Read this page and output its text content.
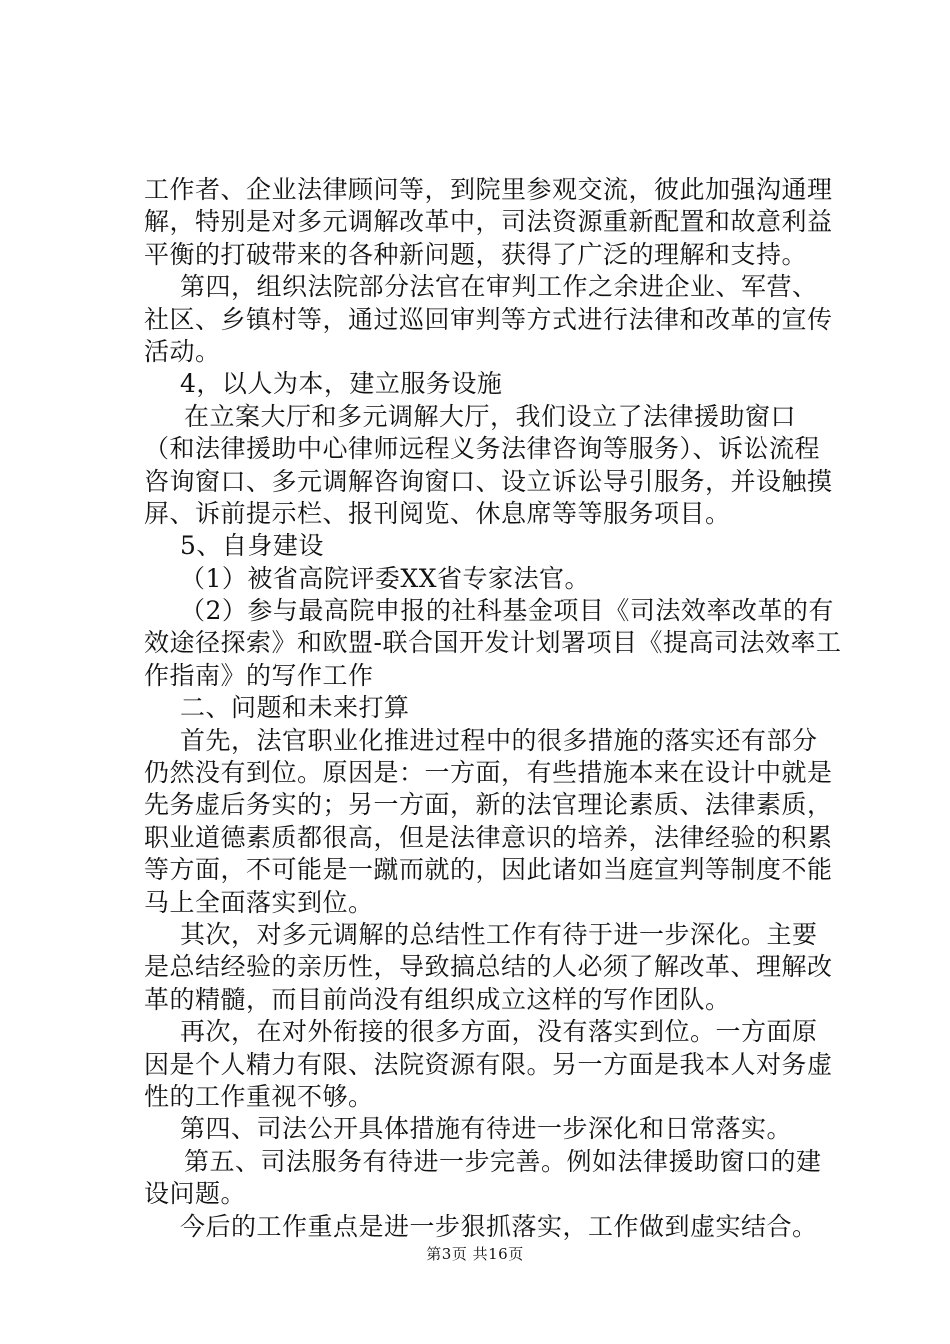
工作者、企业法律顾问等，到院里参观交流，彼此加强沟通理
解，特别是对多元调解改革中，司法资源重新配置和故意利益
平衡的打破带来的各种新问题，获得了广泛的理解和支持。
第四，组织法院部分法官在审判工作之余进企业、军营、
社区、乡镇村等，通过巡回审判等方式进行法律和改革的宣传
活动。
4，以人为本，建立服务设施
在立案大厅和多元调解大厅，我们设立了法律援助窗口
（和法律援助中心律师远程义务法律咨询等服务）、诉讼流程
咨询窗口、多元调解咨询窗口、设立诉讼导引服务，并设触摸
屏、诉前提示栏、报刊阅览、休息席等等服务项目。
5、自身建设
（1）被省高院评委XX省专家法官。
（2）参与最高院申报的社科基金项目《司法效率改革的有
效途径探索》和欧盟-联合国开发计划署项目《提高司法效率工
作指南》的写作工作
二、问题和未来打算
首先，法官职业化推进过程中的很多措施的落实还有部分
仍然没有到位。原因是：一方面，有些措施本来在设计中就是
先务虚后务实的；另一方面，新的法官理论素质、法律素质，
职业道德素质都很高，但是法律意识的培养，法律经验的积累
等方面，不可能是一蹴而就的，因此诸如当庭宣判等制度不能
马上全面落实到位。
其次，对多元调解的总结性工作有待于进一步深化。主要
是总结经验的亲历性，导致搞总结的人必须了解改革、理解改
革的精髓，而目前尚没有组织成立这样的写作团队。
再次，在对外衔接的很多方面，没有落实到位。一方面原
因是个人精力有限、法院资源有限。另一方面是我本人对务虚
性的工作重视不够。
第四、司法公开具体措施有待进一步深化和日常落实。
第五、司法服务有待进一步完善。例如法律援助窗口的建
设问题。
今后的工作重点是进一步狠抓落实，工作做到虚实结合。
第3页 共16页
